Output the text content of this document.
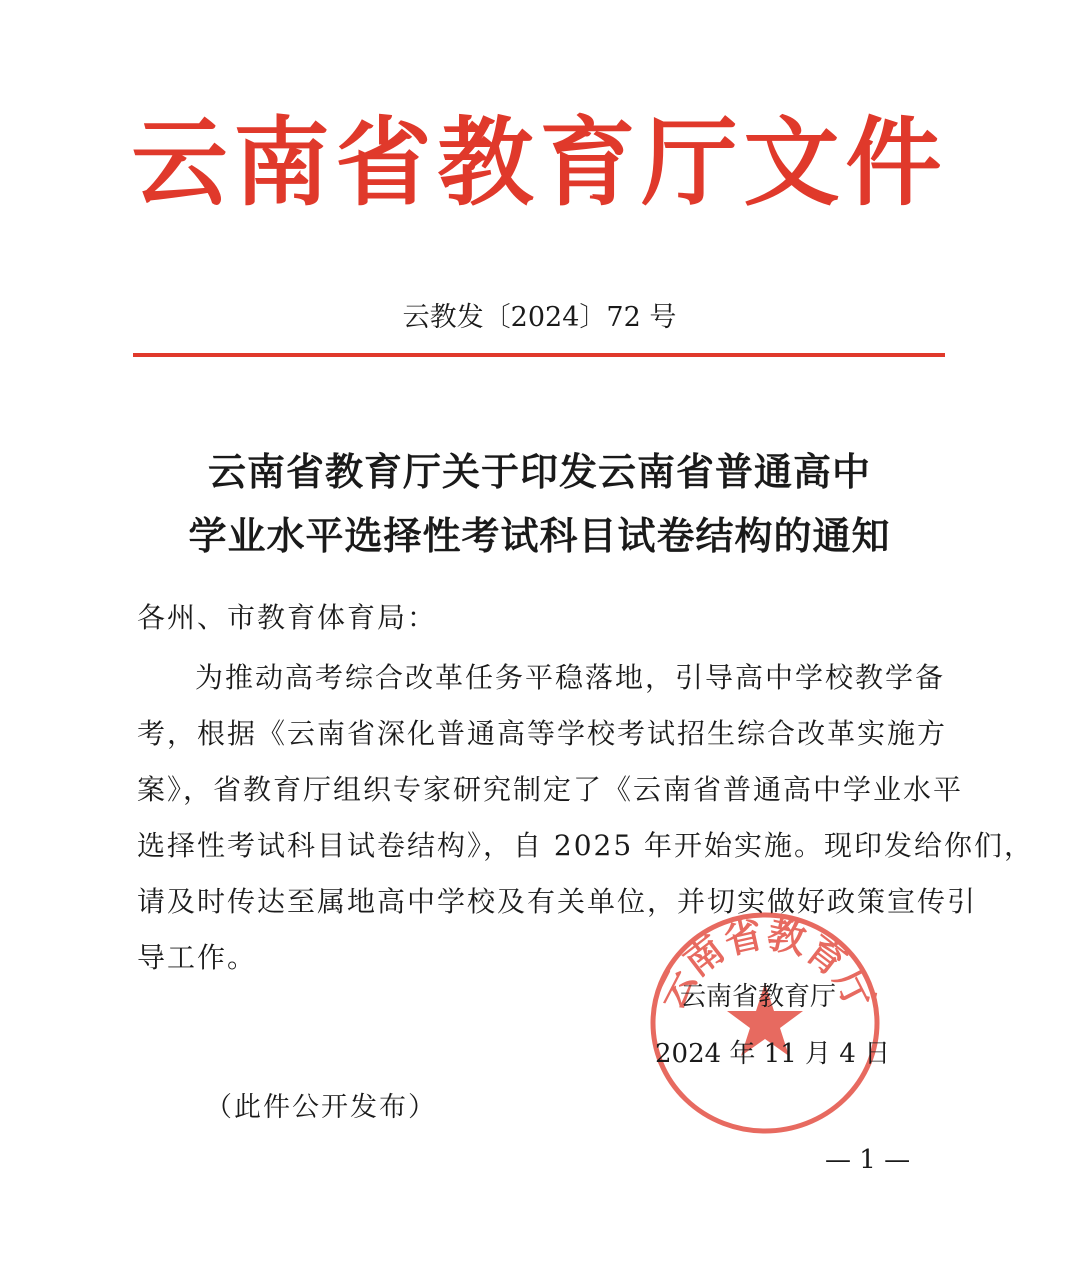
云南省教育厅文件
云教发〔2024〕72 号
云南省教育厅关于印发云南省普通高中
学业水平选择性考试科目试卷结构的通知
各州、市教育体育局：
为推动高考综合改革任务平稳落地，引导高中学校教学备
考，根据《云南省深化普通高等学校考试招生综合改革实施方
案》，省教育厅组织专家研究制定了《云南省普通高中学业水平
选择性考试科目试卷结构》，自 2025 年开始实施。现印发给你们，
请及时传达至属地高中学校及有关单位，并切实做好政策宣传引
导工作。
云南省教育厅
云南省教育厅
2024 年 11 月 4 日
（此件公开发布）
— 1 —
